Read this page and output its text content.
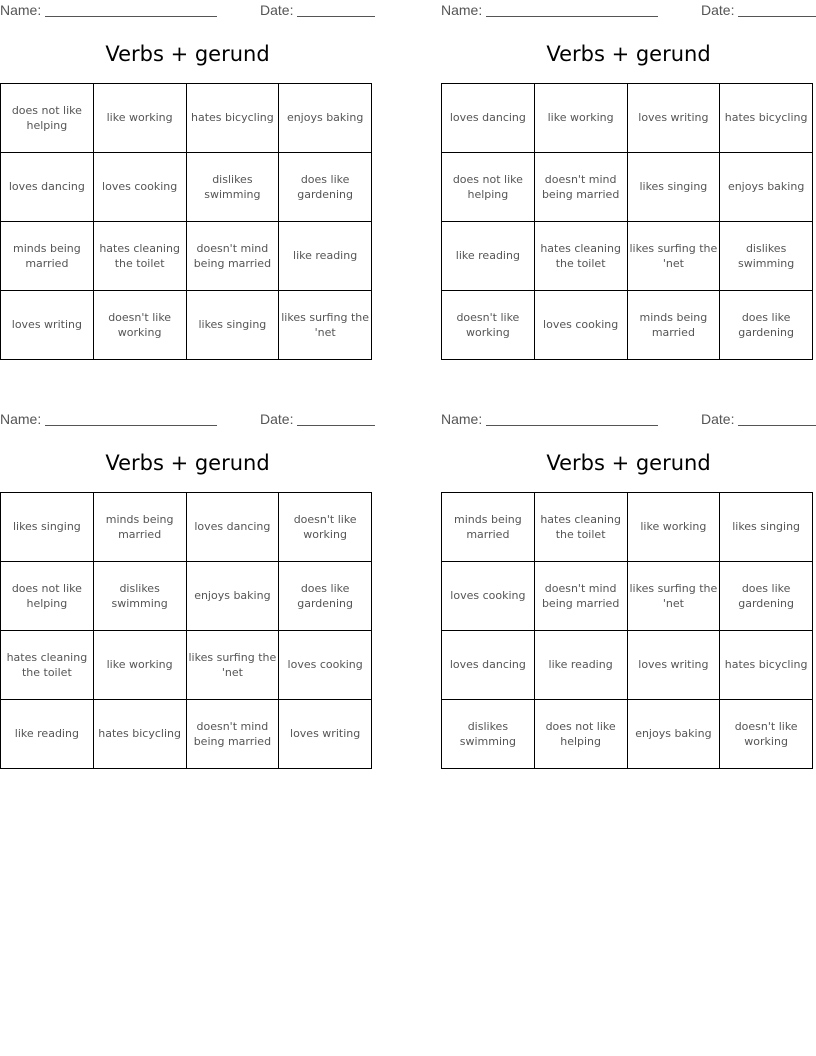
Name:	Date:
Verbs + gerund
does not like helping	like working	hates bicycling	enjoys baking
loves dancing	loves cooking	dislikes swimming	does like gardening
minds being married	hates cleaning the toilet	doesn't mind being married	like reading
loves writing	doesn't like working	likes singing	likes surfing the 'net
Name:	Date:
Verbs + gerund
loves dancing	like working	loves writing	hates bicycling
does not like helping	doesn't mind being married	likes singing	enjoys baking
like reading	hates cleaning the toilet	likes surfing the 'net	dislikes swimming
doesn't like working	loves cooking	minds being married	does like gardening
Name:	Date:
Verbs + gerund
likes singing	minds being married	loves dancing	doesn't like working
does not like helping	dislikes swimming	enjoys baking	does like gardening
hates cleaning the toilet	like working	likes surfing the 'net	loves cooking
like reading	hates bicycling	doesn't mind being married	loves writing
Name:	Date:
Verbs + gerund
minds being married	hates cleaning the toilet	like working	likes singing
loves cooking	doesn't mind being married	likes surfing the 'net	does like gardening
loves dancing	like reading	loves writing	hates bicycling
dislikes swimming	does not like helping	enjoys baking	doesn't like working
